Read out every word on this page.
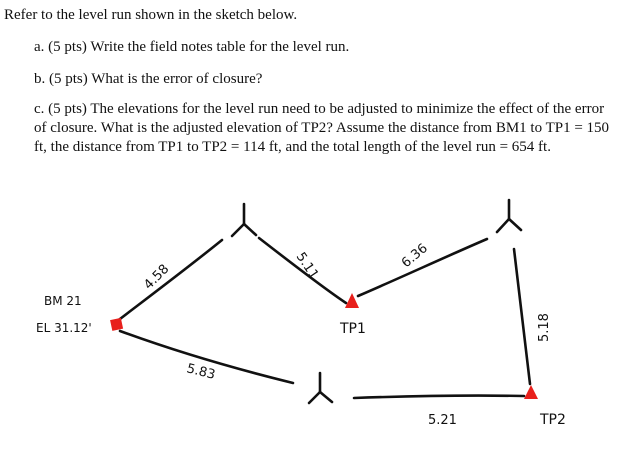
Refer to the level run shown in the sketch below.

a. (5 pts) Write the field notes table for the level run.

b. (5 pts) What is the error of closure?

c. (5 pts) The elevations for the level run need to be adjusted to minimize the effect of the error of closure. What is the adjusted elevation of TP2? Assume the distance from BM1 to TP1 = 150 ft, the distance from TP1 to TP2 = 114 ft, and the total length of the level run = 654 ft.

BM 21
EL 31.12'
4.58	5.11	6.36
5.83
5.21
5.18
TP1
TP2
